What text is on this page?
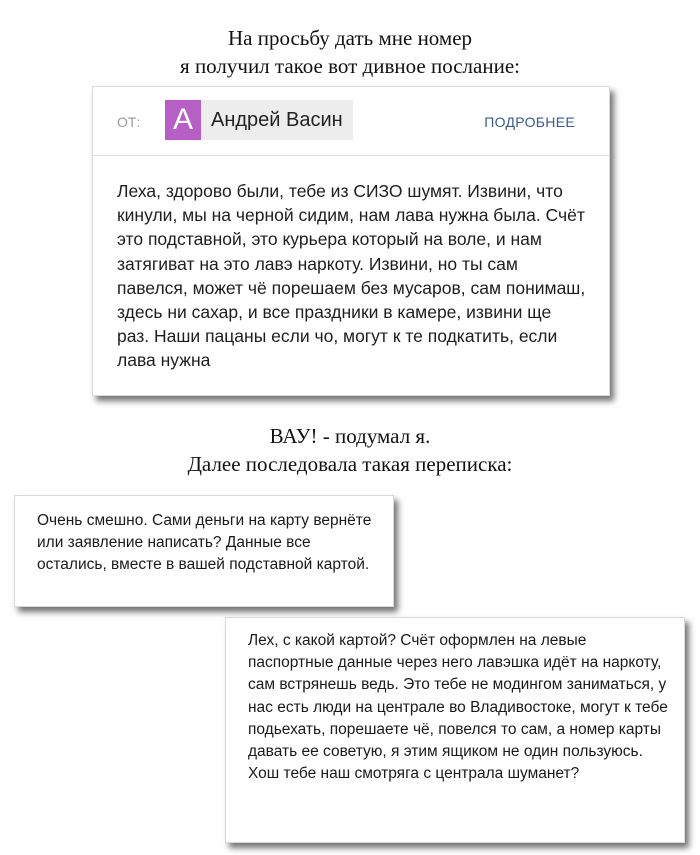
На просьбу дать мне номер
я получил такое вот дивное послание:
ОТ: А Андрей Васин	ПОДРОБНЕЕ
Леха, здорово были, тебе из СИЗО шумят. Извини, что кинули, мы на черной сидим, нам лава нужна была. Счёт это подставной, это курьера который на воле, и нам затягиват на это лавэ наркоту. Извини, но ты сам павелся, может чё порешаем без мусаров, сам понимаш, здесь ни сахар, и все праздники в камере, извини ще раз. Наши пацаны если чо, могут к те подкатить, если лава нужна
ВАУ! - подумал я.
Далее последовала такая переписка:
Очень смешно. Сами деньги на карту вернёте или заявление написать? Данные все остались, вместе в вашей подставной картой.
Лех, с какой картой? Счёт оформлен на левые паспортные данные через него лавэшка идёт на наркоту, сам встрянешь ведь. Это тебе не модингом заниматься, у нас есть люди на централе во Владивостоке, могут к тебе подьехать, порешаете чё, повелся то сам, а номер карты давать ее советую, я этим ящиком не один пользуюсь. Хош тебе наш смотряга с централа шуманет?
